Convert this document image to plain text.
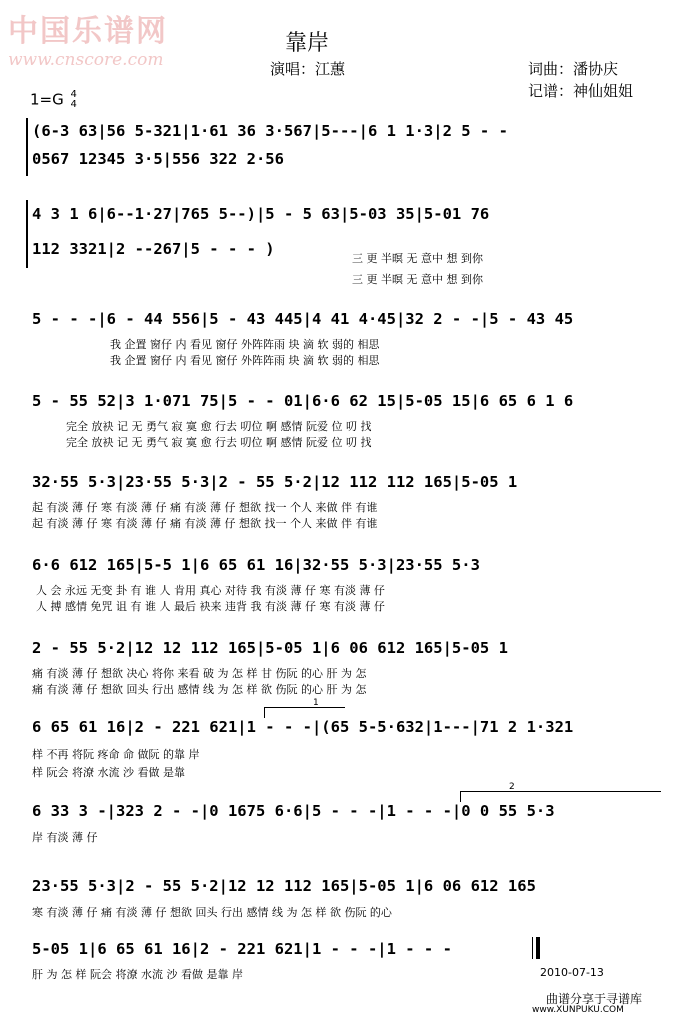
中国乐谱网
www.cnscore.com
靠岸
演唱：江蕙	词曲：潘协庆
记谱：神仙姐姐
1=G 4
4
(6-3 63|56 5-321|1·61 36 3·567|5---|6 1 1·3|2 5 - -
0567 12345 3·5|556 322 2·56
4 3 1 6|6--1·27|765 5--)|5 - 5 63|5-03 35|5-01 76
112 3321|2 --267|5 - - - )
三 更 半暝 无 意中 想 到你
三 更 半暝 无 意中 想 到你
5 - - -|6 - 44 556|5 - 43 445|4 41 4·45|32 2 - -|5 - 43 45
我 企置 窗仔 内 看见 窗仔 外阵阵雨 块 滴 软 弱的 相思
我 企置 窗仔 内 看见 窗仔 外阵阵雨 块 滴 软 弱的 相思
5 - 55 52|3 1·071 75|5 - - 01|6·6 62 15|5-05 15|6 65 6 1 6
完全 放袂 记 无 勇气 寂 寞 愈 行去 叨位 啊 感情 阮爱 位 叨 找
完全 放袂 记 无 勇气 寂 寞 愈 行去 叨位 啊 感情 阮爱 位 叨 找
32·55 5·3|23·55 5·3|2 - 55 5·2|12 112 112 165|5-05 1
起 有淡 薄 仔 寒 有淡 薄 仔 痛 有淡 薄 仔 想欲 找一 个人 来做 伴 有谁
起 有淡 薄 仔 寒 有淡 薄 仔 痛 有淡 薄 仔 想欲 找一 个人 来做 伴 有谁
6·6 612 165|5-5 1|6 65 61 16|32·55 5·3|23·55 5·3
人 会 永远 无变 卦 有 谁 人 肯用 真心 对待 我 有淡 薄 仔 寒 有淡 薄 仔
人 搏 感情 免咒 诅 有 谁 人 最后 袂来 违背 我 有淡 薄 仔 寒 有淡 薄 仔
2 - 55 5·2|12 12 112 165|5-05 1|6 06 612 165|5-05 1
痛 有淡 薄 仔 想欲 决心 将你 来看 破 为 怎 样 甘 伤阮 的心 肝 为 怎
痛 有淡 薄 仔 想欲 回头 行出 感情 线 为 怎 样 欲 伤阮 的心 肝 为 怎
1
6 65 61 16|2 - 221 621|1 - - -|(65 5-5·632|1---|71 2 1·321
样 不再 将阮 疼命 命 做阮 的靠 岸
样 阮会 将潦 水流 沙 看做 是靠
2
6 33 3 -|323 2 - -|0 1675 6·6|5 - - -|1 - - -|0 0 55 5·3
岸 有淡 薄 仔
23·55 5·3|2 - 55 5·2|12 12 112 165|5-05 1|6 06 612 165
寒 有淡 薄 仔 痛 有淡 薄 仔 想欲 回头 行出 感情 线 为 怎 样 欲 伤阮 的心
5-05 1|6 65 61 16|2 - 221 621|1 - - -|1 - - -
肝 为 怎 样 阮会 将潦 水流 沙 看做 是靠 岸	2010-07-13
曲谱分享于寻谱库
www.XUNPUKU.COM
